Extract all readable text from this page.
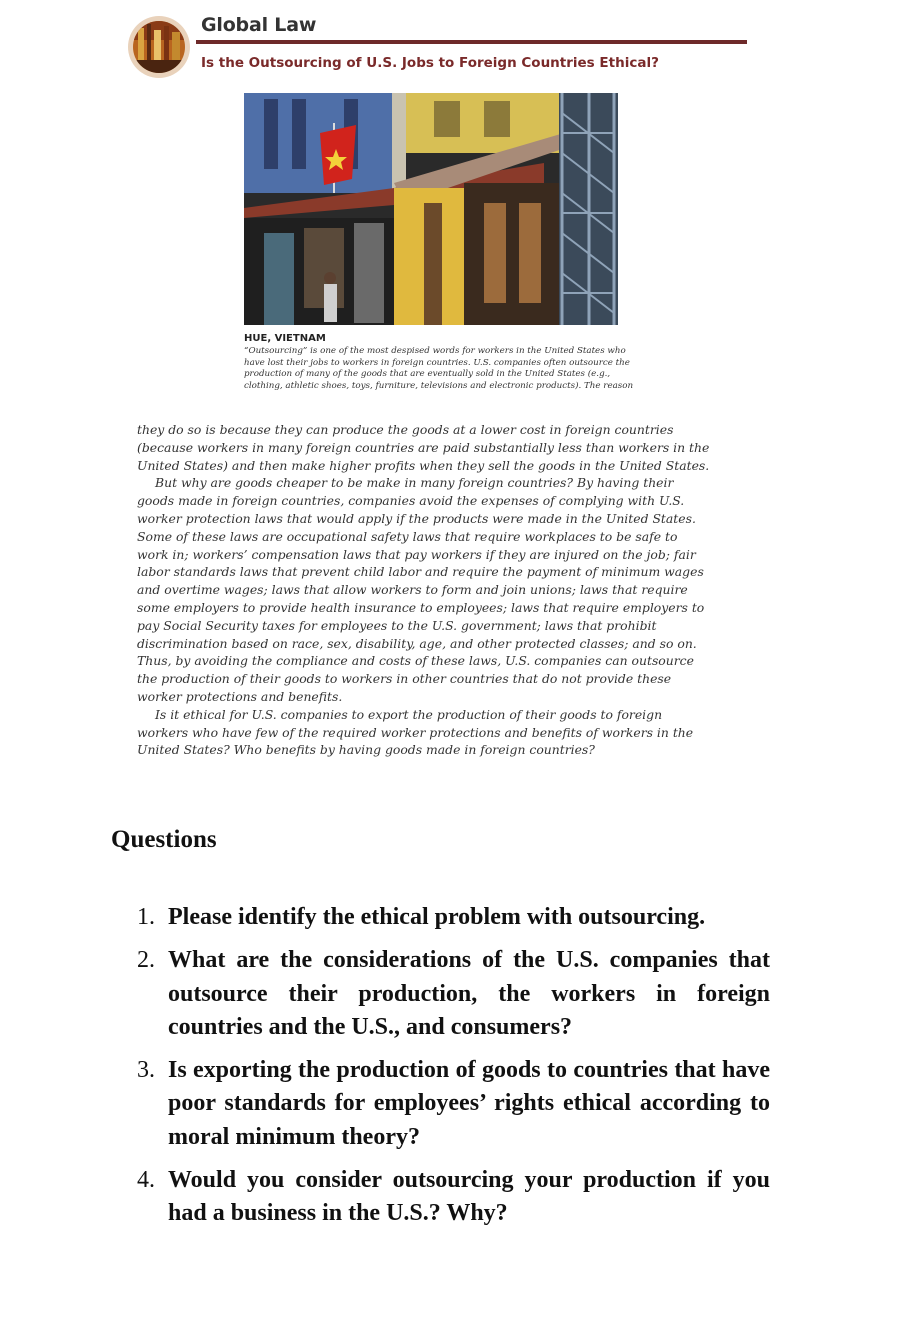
Global Law
Is the Outsourcing of U.S. Jobs to Foreign Countries Ethical?
HUE, VIETNAM
“Outsourcing” is one of the most despised words for workers in the United States who have lost their jobs to workers in foreign countries. U.S. companies often outsource the production of many of the goods that are eventually sold in the United States (e.g., clothing, athletic shoes, toys, furniture, televisions and electronic products). The reason

they do so is because they can produce the goods at a lower cost in foreign countries (because workers in many foreign countries are paid substantially less than workers in the United States) and then make higher profits when they sell the goods in the United States.

But why are goods cheaper to be make in many foreign countries? By having their goods made in foreign countries, companies avoid the expenses of complying with U.S. worker protection laws that would apply if the products were made in the United States. Some of these laws are occupational safety laws that require workplaces to be safe to work in; workers’ compensation laws that pay workers if they are injured on the job; fair labor standards laws that prevent child labor and require the payment of minimum wages and overtime wages; laws that allow workers to form and join unions; laws that require some employers to provide health insurance to employees; laws that require employers to pay Social Security taxes for employees to the U.S. government; laws that prohibit discrimination based on race, sex, disability, age, and other protected classes; and so on. Thus, by avoiding the compliance and costs of these laws, U.S. companies can outsource the production of their goods to workers in other countries that do not provide these worker protections and benefits.

Is it ethical for U.S. companies to export the production of their goods to foreign workers who have few of the required worker protections and benefits of workers in the United States? Who benefits by having goods made in foreign countries?

Questions
1. Please identify the ethical problem with outsourcing.
2. What are the considerations of the U.S. companies that outsource their production, the workers in foreign countries and the U.S., and consumers?
3. Is exporting the production of goods to countries that have poor standards for employees’ rights ethical according to moral minimum theory?
4. Would you consider outsourcing your production if you had a business in the U.S.? Why?
